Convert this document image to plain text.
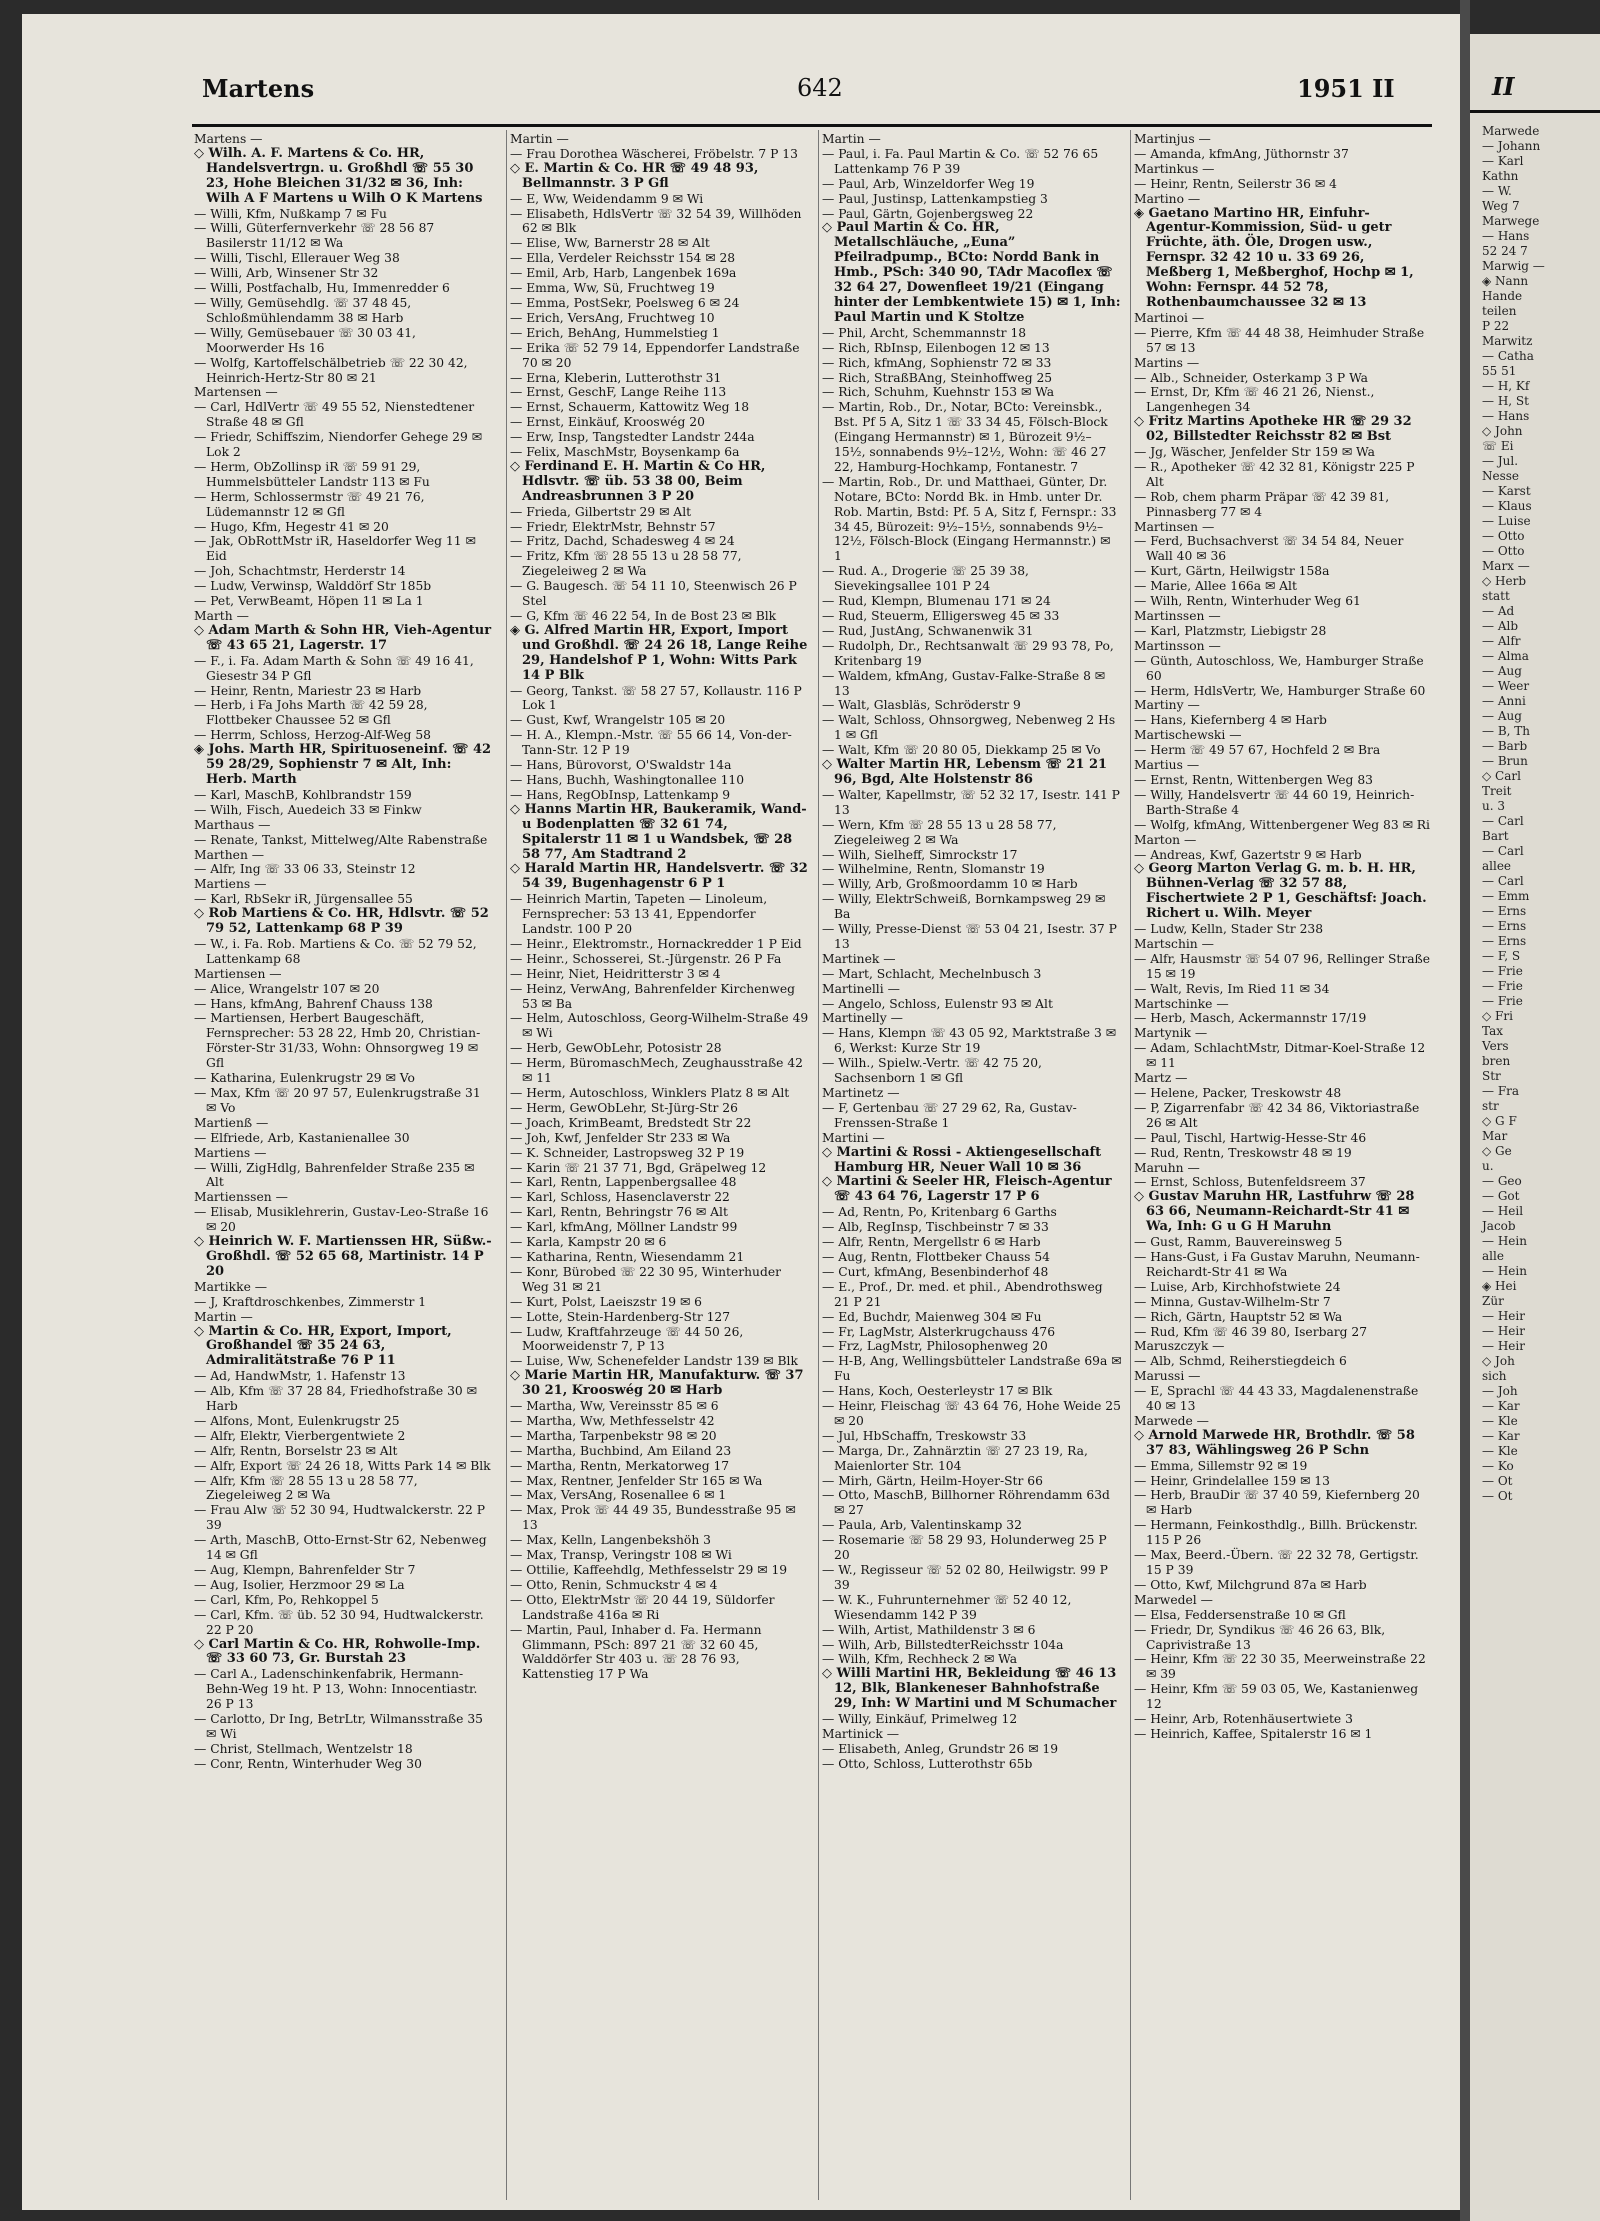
Martens	642	1951 II
Martens —
◇ Wilh. A. F. Martens & Co. HR, Handelsvertrgn. u. Großhdl ☏ 55 30 23, Hohe Bleichen 31/32 ✉ 36, Inh: Wilh A F Martens u Wilh O K Martens
— Willi, Kfm, Nußkamp 7 ✉ Fu
— Willi, Güterfernverkehr ☏ 28 56 87 Basilerstr 11/12 ✉ Wa
— Willi, Tischl, Ellerauer Weg 38
— Willi, Arb, Winsener Str 32
— Willi, Postfachalb, Hu, Immenredder 6
— Willy, Gemüsehdlg. ☏ 37 48 45, Schloßmühlendamm 38 ✉ Harb
— Willy, Gemüsebauer ☏ 30 03 41, Moorwerder Hs 16
— Wolfg, Kartoffelschälbetrieb ☏ 22 30 42, Heinrich-Hertz-Str 80 ✉ 21
Martensen —
— Carl, HdlVertr ☏ 49 55 52, Nienstedtener Straße 48 ✉ Gfl
— Friedr, Schiffszim, Niendorfer Gehege 29 ✉ Lok 2
— Herm, ObZollinsp iR ☏ 59 91 29, Hummelsbütteler Landstr 113 ✉ Fu
— Herm, Schlossermstr ☏ 49 21 76, Lüdemannstr 12 ✉ Gfl
— Hugo, Kfm, Hegestr 41 ✉ 20
— Jak, ObRottMstr iR, Haseldorfer Weg 11 ✉ Eid
— Joh, Schachtmstr, Herderstr 14
— Ludw, Verwinsp, Walddörf Str 185b
— Pet, VerwBeamt, Höpen 11 ✉ La 1
Marth —
◇ Adam Marth & Sohn HR, Vieh-Agentur ☏ 43 65 21, Lagerstr. 17
— F., i. Fa. Adam Marth & Sohn ☏ 49 16 41, Giesestr 34 P Gfl
— Heinr, Rentn, Mariestr 23 ✉ Harb
— Herb, i Fa Johs Marth ☏ 42 59 28, Flottbeker Chaussee 52 ✉ Gfl
— Herrm, Schloss, Herzog-Alf-Weg 58
◈ Johs. Marth HR, Spirituoseneinf. ☏ 42 59 28/29, Sophienstr 7 ✉ Alt, Inh: Herb. Marth
— Karl, MaschB, Kohlbrandstr 159
— Wilh, Fisch, Auedeich 33 ✉ Finkw
Marthaus —
— Renate, Tankst, Mittelweg/Alte Rabenstraße
Marthen —
— Alfr, Ing ☏ 33 06 33, Steinstr 12
Martiens —
— Karl, RbSekr iR, Jürgensallee 55
◇ Rob Martiens & Co. HR, Hdlsvtr. ☏ 52 79 52, Lattenkamp 68 P 39
— W., i. Fa. Rob. Martiens & Co. ☏ 52 79 52, Lattenkamp 68
Martiensen —
— Alice, Wrangelstr 107 ✉ 20
— Hans, kfmAng, Bahrenf Chauss 138
— Martiensen, Herbert Baugeschäft, Fernsprecher: 53 28 22, Hmb 20, Christian-Förster-Str 31/33, Wohn: Ohnsorgweg 19 ✉ Gfl
— Katharina, Eulenkrugstr 29 ✉ Vo
— Max, Kfm ☏ 20 97 57, Eulenkrugstraße 31 ✉ Vo
Martienß —
— Elfriede, Arb, Kastanienallee 30
Martiens —
— Willi, ZigHdlg, Bahrenfelder Straße 235 ✉ Alt
Martienssen —
— Elisab, Musiklehrerin, Gustav-Leo-Straße 16 ✉ 20
◇ Heinrich W. F. Martienssen HR, Süßw.-Großhdl. ☏ 52 65 68, Martinistr. 14 P 20
Martikke —
— J, Kraftdroschkenbes, Zimmerstr 1
Martin —
◇ Martin & Co. HR, Export, Import, Großhandel ☏ 35 24 63, Admiralitätstraße 76 P 11
— Ad, HandwMstr, 1. Hafenstr 13
— Alb, Kfm ☏ 37 28 84, Friedhofstraße 30 ✉ Harb
— Alfons, Mont, Eulenkrugstr 25
— Alfr, Elektr, Vierbergentwiete 2
— Alfr, Rentn, Borselstr 23 ✉ Alt
— Alfr, Export ☏ 24 26 18, Witts Park 14 ✉ Blk
— Alfr, Kfm ☏ 28 55 13 u 28 58 77, Ziegeleiweg 2 ✉ Wa
— Frau Alw ☏ 52 30 94, Hudtwalckerstr. 22 P 39
— Arth, MaschB, Otto-Ernst-Str 62, Nebenweg 14 ✉ Gfl
— Aug, Klempn, Bahrenfelder Str 7
— Aug, Isolier, Herzmoor 29 ✉ La
— Carl, Kfm, Po, Rehkoppel 5
— Carl, Kfm. ☏ üb. 52 30 94, Hudtwalckerstr. 22 P 20
◇ Carl Martin & Co. HR, Rohwolle-Imp. ☏ 33 60 73, Gr. Burstah 23
— Carl A., Ladenschinkenfabrik, Hermann-Behn-Weg 19 ht. P 13, Wohn: Innocentiastr. 26 P 13
— Carlotto, Dr Ing, BetrLtr, Wilmansstraße 35 ✉ Wi
— Christ, Stellmach, Wentzelstr 18
— Conr, Rentn, Winterhuder Weg 30
Martin —
— Frau Dorothea Wäscherei, Fröbelstr. 7 P 13
◇ E. Martin & Co. HR ☏ 49 48 93, Bellmannstr. 3 P Gfl
— E, Ww, Weidendamm 9 ✉ Wi
— Elisabeth, HdlsVertr ☏ 32 54 39, Willhöden 62 ✉ Blk
— Elise, Ww, Barnerstr 28 ✉ Alt
— Ella, Verdeler Reichsstr 154 ✉ 28
— Emil, Arb, Harb, Langenbek 169a
— Emma, Ww, Sü, Fruchtweg 19
— Emma, PostSekr, Poelsweg 6 ✉ 24
— Erich, VersAng, Fruchtweg 10
— Erich, BehAng, Hummelstieg 1
— Erika ☏ 52 79 14, Eppendorfer Landstraße 70 ✉ 20
— Erna, Kleberin, Lutterothstr 31
— Ernst, GeschF, Lange Reihe 113
— Ernst, Schauerm, Kattowitz Weg 18
— Ernst, Einkäuf, Krooswég 20
— Erw, Insp, Tangstedter Landstr 244a
— Felix, MaschMstr, Boysenkamp 6a
◇ Ferdinand E. H. Martin & Co HR, Hdlsvtr. ☏ üb. 53 38 00, Beim Andreasbrunnen 3 P 20
— Frieda, Gilbertstr 29 ✉ Alt
— Friedr, ElektrMstr, Behnstr 57
— Fritz, Dachd, Schadesweg 4 ✉ 24
— Fritz, Kfm ☏ 28 55 13 u 28 58 77, Ziegeleiweg 2 ✉ Wa
— G. Baugesch. ☏ 54 11 10, Steenwisch 26 P Stel
— G, Kfm ☏ 46 22 54, In de Bost 23 ✉ Blk
◈ G. Alfred Martin HR, Export, Import und Großhdl. ☏ 24 26 18, Lange Reihe 29, Handelshof P 1, Wohn: Witts Park 14 P Blk
— Georg, Tankst. ☏ 58 27 57, Kollaustr. 116 P Lok 1
— Gust, Kwf, Wrangelstr 105 ✉ 20
— H. A., Klempn.-Mstr. ☏ 55 66 14, Von-der-Tann-Str. 12 P 19
— Hans, Bürovorst, O'Swaldstr 14a
— Hans, Buchh, Washingtonallee 110
— Hans, RegObInsp, Lattenkamp 9
◇ Hanns Martin HR, Baukeramik, Wand- u Bodenplatten ☏ 32 61 74, Spitalerstr 11 ✉ 1 u Wandsbek, ☏ 28 58 77, Am Stadtrand 2
◇ Harald Martin HR, Handelsvertr. ☏ 32 54 39, Bugenhagenstr 6 P 1
— Heinrich Martin, Tapeten — Linoleum, Fernsprecher: 53 13 41, Eppendorfer Landstr. 100 P 20
— Heinr., Elektromstr., Hornackredder 1 P Eid
— Heinr., Schosserei, St.-Jürgenstr. 26 P Fa
— Heinr, Niet, Heidritterstr 3 ✉ 4
— Heinz, VerwAng, Bahrenfelder Kirchenweg 53 ✉ Ba
— Helm, Autoschloss, Georg-Wilhelm-Straße 49 ✉ Wi
— Herb, GewObLehr, Potosistr 28
— Herm, BüromaschMech, Zeughausstraße 42 ✉ 11
— Herm, Autoschloss, Winklers Platz 8 ✉ Alt
— Herm, GewObLehr, St-Jürg-Str 26
— Joach, KrimBeamt, Bredstedt Str 22
— Joh, Kwf, Jenfelder Str 233 ✉ Wa
— K. Schneider, Lastropsweg 32 P 19
— Karin ☏ 21 37 71, Bgd, Gräpelweg 12
— Karl, Rentn, Lappenbergsallee 48
— Karl, Schloss, Hasenclaverstr 22
— Karl, Rentn, Behringstr 76 ✉ Alt
— Karl, kfmAng, Möllner Landstr 99
— Karla, Kampstr 20 ✉ 6
— Katharina, Rentn, Wiesendamm 21
— Konr, Bürobed ☏ 22 30 95, Winterhuder Weg 31 ✉ 21
— Kurt, Polst, Laeiszstr 19 ✉ 6
— Lotte, Stein-Hardenberg-Str 127
— Ludw, Kraftfahrzeuge ☏ 44 50 26, Moorweidenstr 7, P 13
— Luise, Ww, Schenefelder Landstr 139 ✉ Blk
◇ Marie Martin HR, Manufakturw. ☏ 37 30 21, Krooswég 20 ✉ Harb
— Martha, Ww, Vereinsstr 85 ✉ 6
— Martha, Ww, Methfesselstr 42
— Martha, Tarpenbekstr 98 ✉ 20
— Martha, Buchbind, Am Eiland 23
— Martha, Rentn, Merkatorweg 17
— Max, Rentner, Jenfelder Str 165 ✉ Wa
— Max, VersAng, Rosenallee 6 ✉ 1
— Max, Prok ☏ 44 49 35, Bundesstraße 95 ✉ 13
— Max, Kelln, Langenbekshöh 3
— Max, Transp, Veringstr 108 ✉ Wi
— Ottilie, Kaffeehdlg, Methfesselstr 29 ✉ 19
— Otto, Renin, Schmuckstr 4 ✉ 4
— Otto, ElektrMstr ☏ 20 44 19, Süldorfer Landstraße 416a ✉ Ri
— Martin, Paul, Inhaber d. Fa. Hermann Glimmann, PSch: 897 21 ☏ 32 60 45, Walddörfer Str 403 u. ☏ 28 76 93, Kattenstieg 17 P Wa
Martin —
— Paul, i. Fa. Paul Martin & Co. ☏ 52 76 65 Lattenkamp 76 P 39
— Paul, Arb, Winzeldorfer Weg 19
— Paul, Justinsp, Lattenkampstieg 3
— Paul, Gärtn, Gojenbergsweg 22
◇ Paul Martin & Co. HR, Metallschläuche, „Euna” Pfeilradpump., BCto: Nordd Bank in Hmb., PSch: 340 90, TAdr Macoflex ☏ 32 64 27, Dowenfleet 19/21 (Eingang hinter der Lembkentwiete 15) ✉ 1, Inh: Paul Martin und K Stoltze
— Phil, Archt, Schemmannstr 18
— Rich, RbInsp, Eilenbogen 12 ✉ 13
— Rich, kfmAng, Sophienstr 72 ✉ 33
— Rich, StraßBAng, Steinhoffweg 25
— Rich, Schuhm, Kuehnstr 153 ✉ Wa
— Martin, Rob., Dr., Notar, BCto: Vereinsbk., Bst. Pf 5 A, Sitz 1 ☏ 33 34 45, Fölsch-Block (Eingang Hermannstr) ✉ 1, Bürozeit 9½–15½, sonnabends 9½–12½, Wohn: ☏ 46 27 22, Hamburg-Hochkamp, Fontanestr. 7
— Martin, Rob., Dr. und Matthaei, Günter, Dr. Notare, BCto: Nordd Bk. in Hmb. unter Dr. Rob. Martin, Bstd: Pf. 5 A, Sitz f, Fernspr.: 33 34 45, Bürozeit: 9½–15½, sonnabends 9½–12½, Fölsch-Block (Eingang Hermannstr.) ✉ 1
— Rud. A., Drogerie ☏ 25 39 38, Sievekingsallee 101 P 24
— Rud, Klempn, Blumenau 171 ✉ 24
— Rud, Steuerm, Elligersweg 45 ✉ 33
— Rud, JustAng, Schwanenwik 31
— Rudolph, Dr., Rechtsanwalt ☏ 29 93 78, Po, Kritenbarg 19
— Waldem, kfmAng, Gustav-Falke-Straße 8 ✉ 13
— Walt, Glasbläs, Schröderstr 9
— Walt, Schloss, Ohnsorgweg, Nebenweg 2 Hs 1 ✉ Gfl
— Walt, Kfm ☏ 20 80 05, Diekkamp 25 ✉ Vo
◇ Walter Martin HR, Lebensm ☏ 21 21 96, Bgd, Alte Holstenstr 86
— Walter, Kapellmstr, ☏ 52 32 17, Isestr. 141 P 13
— Wern, Kfm ☏ 28 55 13 u 28 58 77, Ziegeleiweg 2 ✉ Wa
— Wilh, Sielheff, Simrockstr 17
— Wilhelmine, Rentn, Slomanstr 19
— Willy, Arb, Großmoordamm 10 ✉ Harb
— Willy, ElektrSchweiß, Bornkampsweg 29 ✉ Ba
— Willy, Presse-Dienst ☏ 53 04 21, Isestr. 37 P 13
Martinek —
— Mart, Schlacht, Mechelnbusch 3
Martinelli —
— Angelo, Schloss, Eulenstr 93 ✉ Alt
Martinelly —
— Hans, Klempn ☏ 43 05 92, Marktstraße 3 ✉ 6, Werkst: Kurze Str 19
— Wilh., Spielw.-Vertr. ☏ 42 75 20, Sachsenborn 1 ✉ Gfl
Martinetz —
— F, Gertenbau ☏ 27 29 62, Ra, Gustav-Frenssen-Straße 1
Martini —
◇ Martini & Rossi - Aktiengesellschaft Hamburg HR, Neuer Wall 10 ✉ 36
◇ Martini & Seeler HR, Fleisch-Agentur ☏ 43 64 76, Lagerstr 17 P 6
— Ad, Rentn, Po, Kritenbarg 6 Garths
— Alb, RegInsp, Tischbeinstr 7 ✉ 33
— Alfr, Rentn, Mergellstr 6 ✉ Harb
— Aug, Rentn, Flottbeker Chauss 54
— Curt, kfmAng, Besenbinderhof 48
— E., Prof., Dr. med. et phil., Abendrothsweg 21 P 21
— Ed, Buchdr, Maienweg 304 ✉ Fu
— Fr, LagMstr, Alsterkrugchauss 476
— Frz, LagMstr, Philosophenweg 20
— H-B, Ang, Wellingsbütteler Landstraße 69a ✉ Fu
— Hans, Koch, Oesterleystr 17 ✉ Blk
— Heinr, Fleischag ☏ 43 64 76, Hohe Weide 25 ✉ 20
— Jul, HbSchaffn, Treskowstr 33
— Marga, Dr., Zahnärztin ☏ 27 23 19, Ra, Maienlorter Str. 104
— Mirh, Gärtn, Heilm-Hoyer-Str 66
— Otto, MaschB, Billhorner Röhrendamm 63d ✉ 27
— Paula, Arb, Valentinskamp 32
— Rosemarie ☏ 58 29 93, Holunderweg 25 P 20
— W., Regisseur ☏ 52 02 80, Heilwigstr. 99 P 39
— W. K., Fuhrunternehmer ☏ 52 40 12, Wiesendamm 142 P 39
— Wilh, Artist, Mathildenstr 3 ✉ 6
— Wilh, Arb, BillstedterReichsstr 104a
— Wilh, Kfm, Rechheck 2 ✉ Wa
◇ Willi Martini HR, Bekleidung ☏ 46 13 12, Blk, Blankeneser Bahnhofstraße 29, Inh: W Martini und M Schumacher
— Willy, Einkäuf, Primelweg 12
Martinick —
— Elisabeth, Anleg, Grundstr 26 ✉ 19
— Otto, Schloss, Lutterothstr 65b
Martinjus —
— Amanda, kfmAng, Jüthornstr 37
Martinkus —
— Heinr, Rentn, Seilerstr 36 ✉ 4
Martino —
◈ Gaetano Martino HR, Einfuhr-Agentur-Kommission, Süd- u getr Früchte, äth. Öle, Drogen usw., Fernspr. 32 42 10 u. 33 69 26, Meßberg 1, Meßberghof, Hochp ✉ 1, Wohn: Fernspr. 44 52 78, Rothenbaumchaussee 32 ✉ 13
Martinoi —
— Pierre, Kfm ☏ 44 48 38, Heimhuder Straße 57 ✉ 13
Martins —
— Alb., Schneider, Osterkamp 3 P Wa
— Ernst, Dr, Kfm ☏ 46 21 26, Nienst., Langenhegen 34
◇ Fritz Martins Apotheke HR ☏ 29 32 02, Billstedter Reichsstr 82 ✉ Bst
— Jg, Wäscher, Jenfelder Str 159 ✉ Wa
— R., Apotheker ☏ 42 32 81, Königstr 225 P Alt
— Rob, chem pharm Präpar ☏ 42 39 81, Pinnasberg 77 ✉ 4
Martinsen —
— Ferd, Buchsachverst ☏ 34 54 84, Neuer Wall 40 ✉ 36
— Kurt, Gärtn, Heilwigstr 158a
— Marie, Allee 166a ✉ Alt
— Wilh, Rentn, Winterhuder Weg 61
Martinssen —
— Karl, Platzmstr, Liebigstr 28
Martinsson —
— Günth, Autoschloss, We, Hamburger Straße 60
— Herm, HdlsVertr, We, Hamburger Straße 60
Martiny —
— Hans, Kiefernberg 4 ✉ Harb
Martischewski —
— Herm ☏ 49 57 67, Hochfeld 2 ✉ Bra
Martius —
— Ernst, Rentn, Wittenbergen Weg 83
— Willy, Handelsvertr ☏ 44 60 19, Heinrich-Barth-Straße 4
— Wolfg, kfmAng, Wittenbergener Weg 83 ✉ Ri
Marton —
— Andreas, Kwf, Gazertstr 9 ✉ Harb
◇ Georg Marton Verlag G. m. b. H. HR, Bühnen-Verlag ☏ 32 57 88, Fischertwiete 2 P 1, Geschäftsf: Joach. Richert u. Wilh. Meyer
— Ludw, Kelln, Stader Str 238
Martschin —
— Alfr, Hausmstr ☏ 54 07 96, Rellinger Straße 15 ✉ 19
— Walt, Revis, Im Ried 11 ✉ 34
Martschinke —
— Herb, Masch, Ackermannstr 17/19
Martynik —
— Adam, SchlachtMstr, Ditmar-Koel-Straße 12 ✉ 11
Martz —
— Helene, Packer, Treskowstr 48
— P, Zigarrenfabr ☏ 42 34 86, Viktoriastraße 26 ✉ Alt
— Paul, Tischl, Hartwig-Hesse-Str 46
— Rud, Rentn, Treskowstr 48 ✉ 19
Maruhn —
— Ernst, Schloss, Butenfeldsreem 37
◇ Gustav Maruhn HR, Lastfuhrw ☏ 28 63 66, Neumann-Reichardt-Str 41 ✉ Wa, Inh: G u G H Maruhn
— Gust, Ramm, Bauvereinsweg 5
— Hans-Gust, i Fa Gustav Maruhn, Neumann-Reichardt-Str 41 ✉ Wa
— Luise, Arb, Kirchhofstwiete 24
— Minna, Gustav-Wilhelm-Str 7
— Rich, Gärtn, Hauptstr 52 ✉ Wa
— Rud, Kfm ☏ 46 39 80, Iserbarg 27
Maruszczyk —
— Alb, Schmd, Reiherstiegdeich 6
Marussi —
— E, Sprachl ☏ 44 43 33, Magdalenenstraße 40 ✉ 13
Marwede —
◇ Arnold Marwede HR, Brothdlr. ☏ 58 37 83, Wählingsweg 26 P Schn
— Emma, Sillemstr 92 ✉ 19
— Heinr, Grindelallee 159 ✉ 13
— Herb, BrauDir ☏ 37 40 59, Kiefernberg 20 ✉ Harb
— Hermann, Feinkosthdlg., Billh. Brückenstr. 115 P 26
— Max, Beerd.-Übern. ☏ 22 32 78, Gertigstr. 15 P 39
— Otto, Kwf, Milchgrund 87a ✉ Harb
Marwedel —
— Elsa, Feddersenstraße 10 ✉ Gfl
— Friedr, Dr, Syndikus ☏ 46 26 63, Blk, Caprivistraße 13
— Heinr, Kfm ☏ 22 30 35, Meerweinstraße 22 ✉ 39
— Heinr, Kfm ☏ 59 03 05, We, Kastanienweg 12
— Heinr, Arb, Rotenhäusertwiete 3
— Heinrich, Kaffee, Spitalerstr 16 ✉ 1
II
Marwede
— Johann
— Karl
Kathn
— W.
Weg 7
Marwege
— Hans
52 24 7
Marwig —
◈ Nann
Hande
teilen
P 22
Marwitz
— Catha
55 51
— H, Kf
— H, St
— Hans
◇ John
☏ Ei
— Jul.
Nesse
— Karst
— Klaus
— Luise
— Otto
— Otto
Marx —
◇ Herb
statt
— Ad
— Alb
— Alfr
— Alma
— Aug
— Weer
— Anni
— Aug
— B, Th
— Barb
— Brun
◇ Carl
Treit
u. 3
— Carl
Bart
— Carl
allee
— Carl
— Emm
— Erns
— Erns
— Erns
— F, S
— Frie
— Frie
— Frie
◇ Fri
Tax
Vers
bren
Str
— Fra
str
◇ G F
Mar
◇ Ge
u.
— Geo
— Got
— Heil
Jacob
— Hein
alle
— Hein
◈ Hei
Zür
— Heir
— Heir
— Heir
◇ Joh
sich
— Joh
— Kar
— Kle
— Kar
— Kle
— Ko
— Ot
— Ot
